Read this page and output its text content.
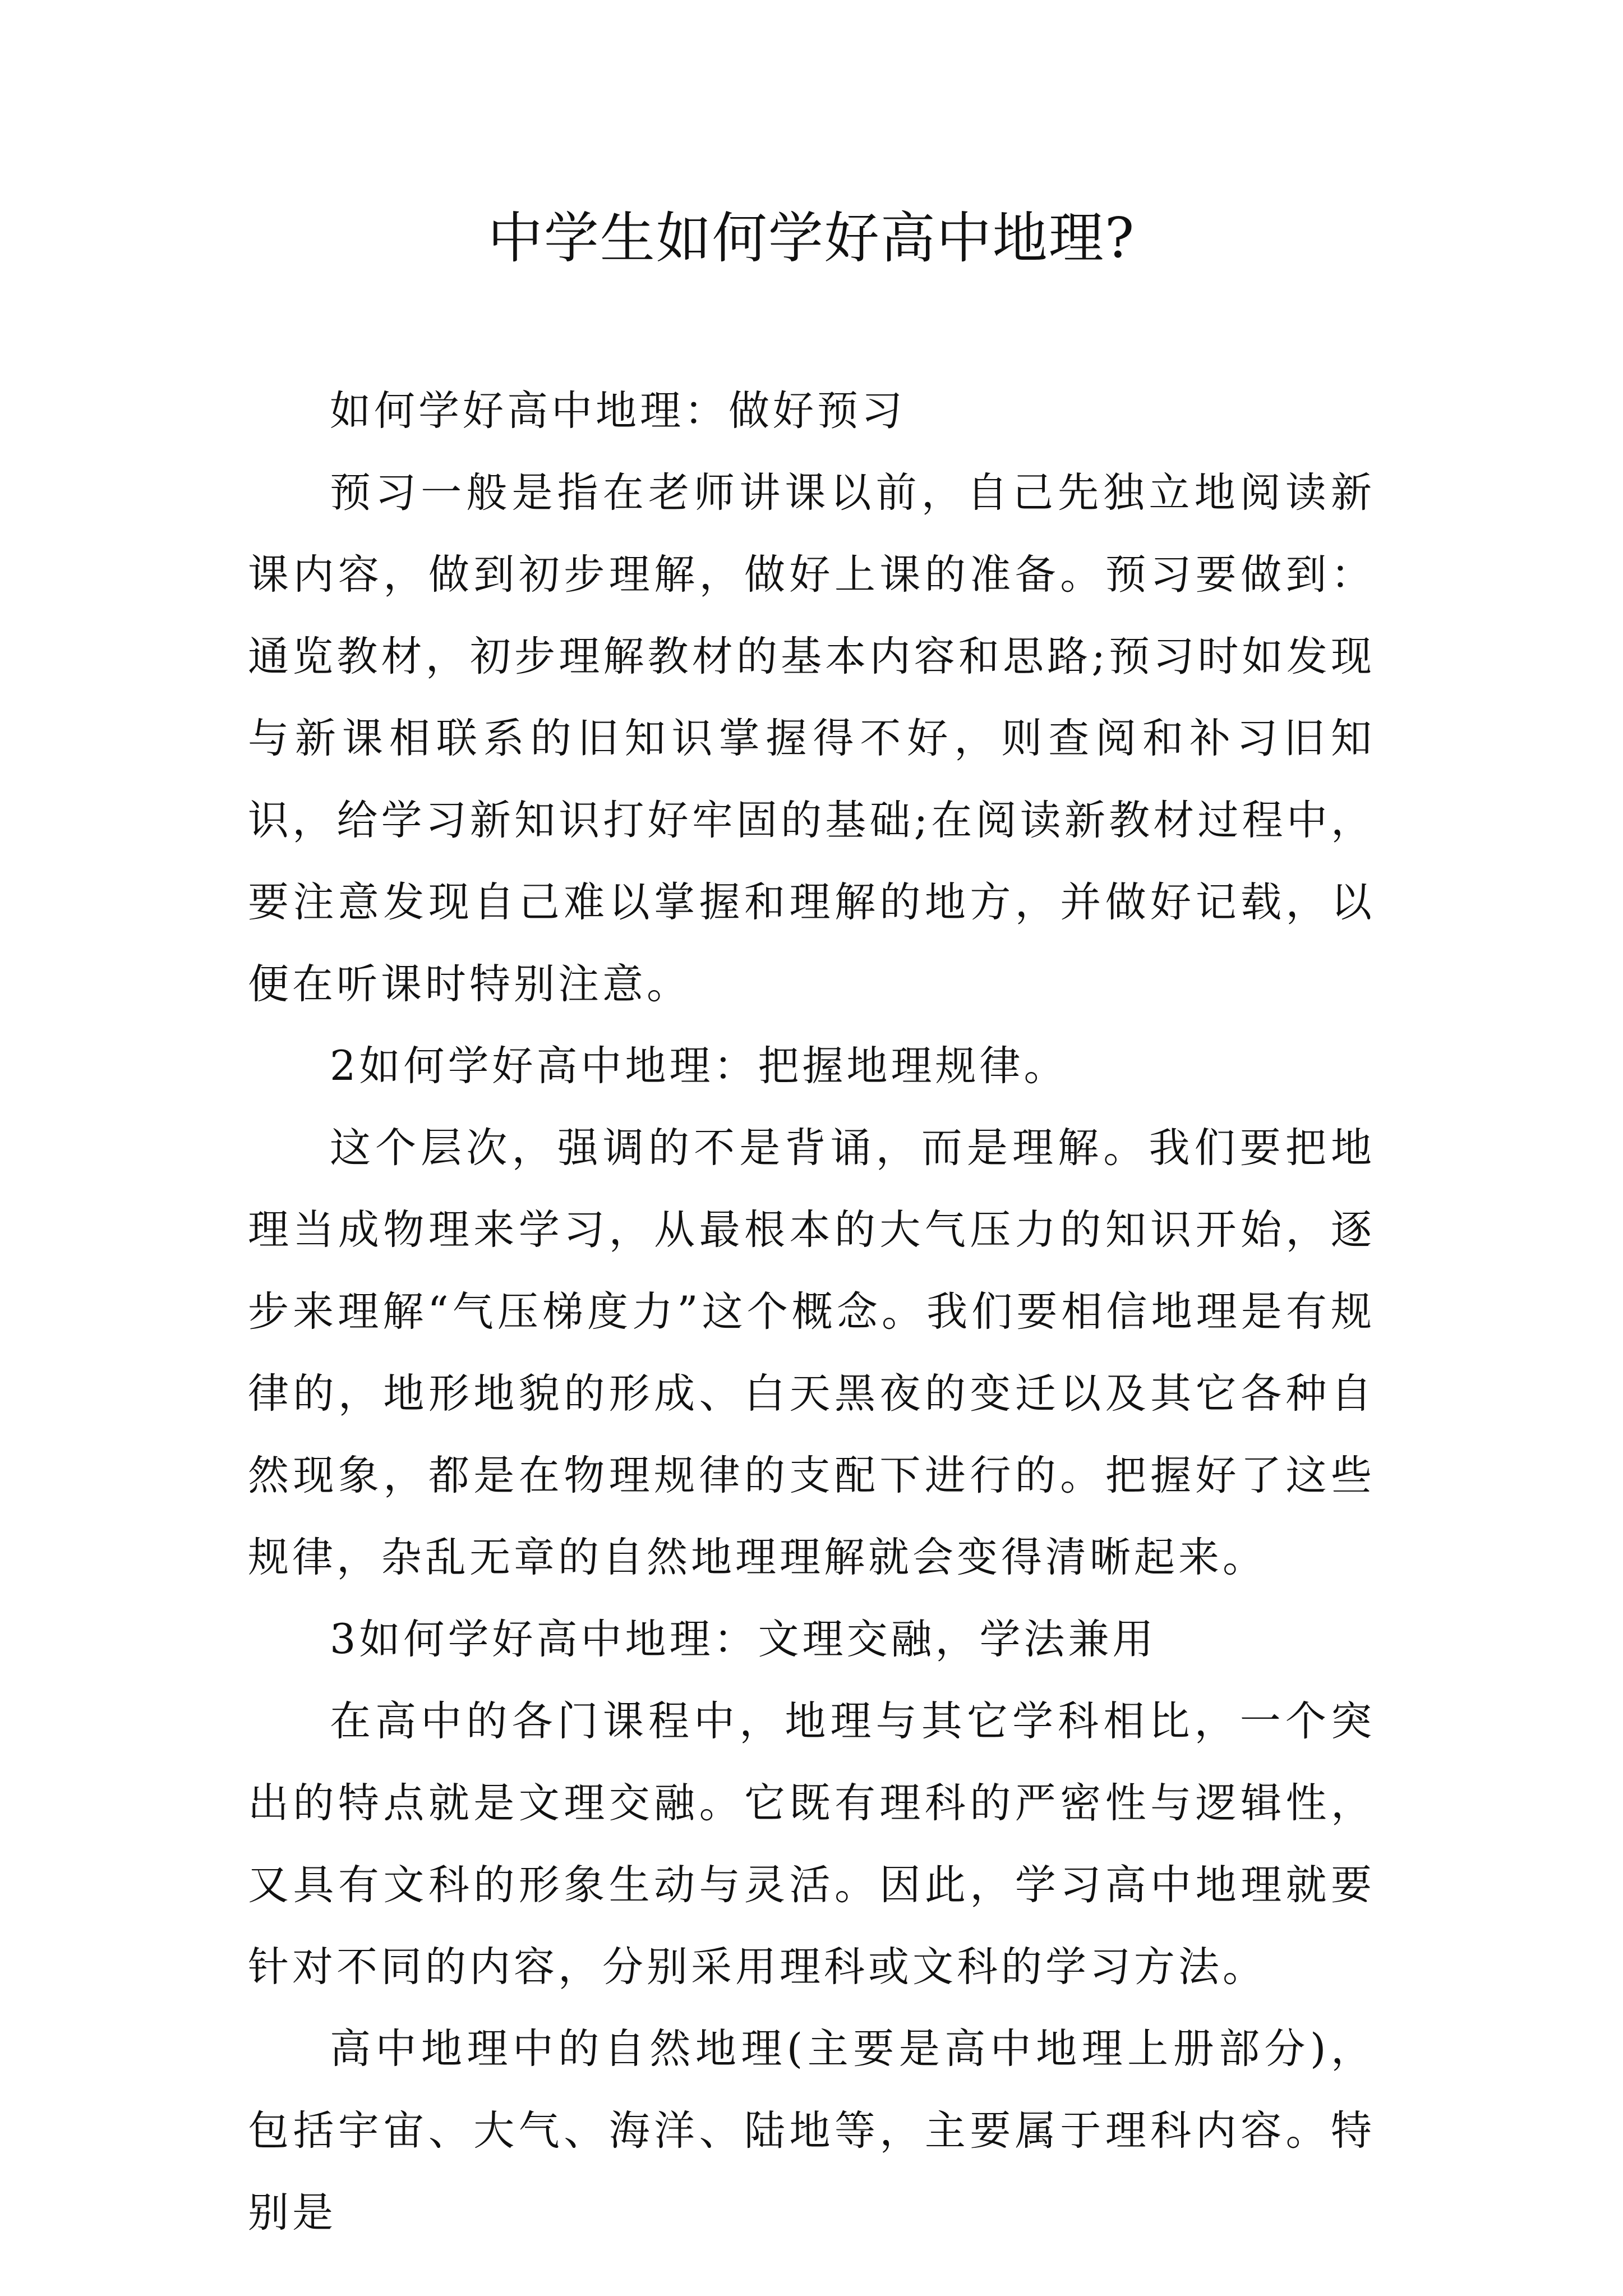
中学生如何学好高中地理?

如何学好高中地理：做好预习

预习一般是指在老师讲课以前，自己先独立地阅读新课内容，做到初步理解，做好上课的准备。预习要做到：通览教材，初步理解教材的基本内容和思路;预习时如发现与新课相联系的旧知识掌握得不好，则查阅和补习旧知识，给学习新知识打好牢固的基础;在阅读新教材过程中，要注意发现自己难以掌握和理解的地方，并做好记载，以便在听课时特别注意。

2如何学好高中地理：把握地理规律。

这个层次，强调的不是背诵，而是理解。我们要把地理当成物理来学习，从最根本的大气压力的知识开始，逐步来理解“气压梯度力”这个概念。我们要相信地理是有规律的，地形地貌的形成、白天黑夜的变迁以及其它各种自然现象，都是在物理规律的支配下进行的。把握好了这些规律，杂乱无章的自然地理理解就会变得清晰起来。

3如何学好高中地理：文理交融，学法兼用

在高中的各门课程中，地理与其它学科相比，一个突出的特点就是文理交融。它既有理科的严密性与逻辑性，又具有文科的形象生动与灵活。因此，学习高中地理就要针对不同的内容，分别采用理科或文科的学习方法。

高中地理中的自然地理(主要是高中地理上册部分)，包括宇宙、大气、海洋、陆地等，主要属于理科内容。特别是
